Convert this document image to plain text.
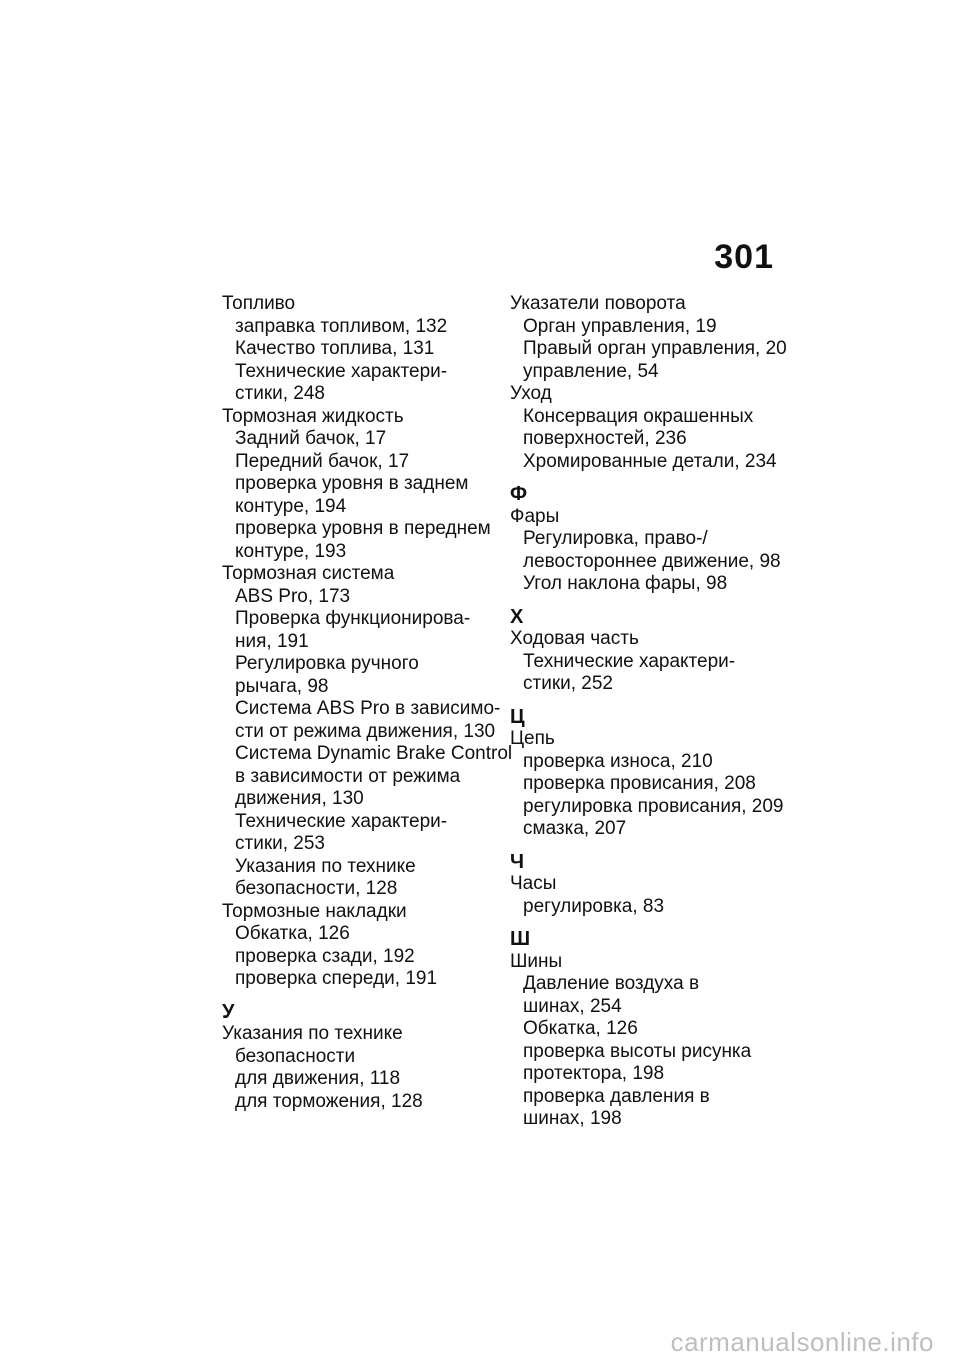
301
Топливо
заправка топливом, 132
Качество топлива, 131
Технические характери-
стики, 248
Тормозная жидкость
Задний бачок, 17
Передний бачок, 17
проверка уровня в заднем
контуре, 194
проверка уровня в переднем
контуре, 193
Тормозная система
ABS Pro, 173
Проверка функционирова-
ния, 191
Регулировка ручного
рычага, 98
Система ABS Pro в зависимо-
сти от режима движения, 130
Система Dynamic Brake Control
в зависимости от режима
движения, 130
Технические характери-
стики, 253
Указания по технике
безопасности, 128
Тормозные накладки
Обкатка, 126
проверка сзади, 192
проверка спереди, 191
У
Указания по технике
безопасности
для движения, 118
для торможения, 128
Указатели поворота
Орган управления, 19
Правый орган управления, 20
управление, 54
Уход
Консервация окрашенных
поверхностей, 236
Хромированные детали, 234
Ф
Фары
Регулировка, право-/
левостороннее движение, 98
Угол наклона фары, 98
Х
Ходовая часть
Технические характери-
стики, 252
Ц
Цепь
проверка износа, 210
проверка провисания, 208
регулировка провисания, 209
смазка, 207
Ч
Часы
регулировка, 83
Ш
Шины
Давление воздуха в
шинах, 254
Обкатка, 126
проверка высоты рисунка
протектора, 198
проверка давления в
шинах, 198
carmanualsonline.info
